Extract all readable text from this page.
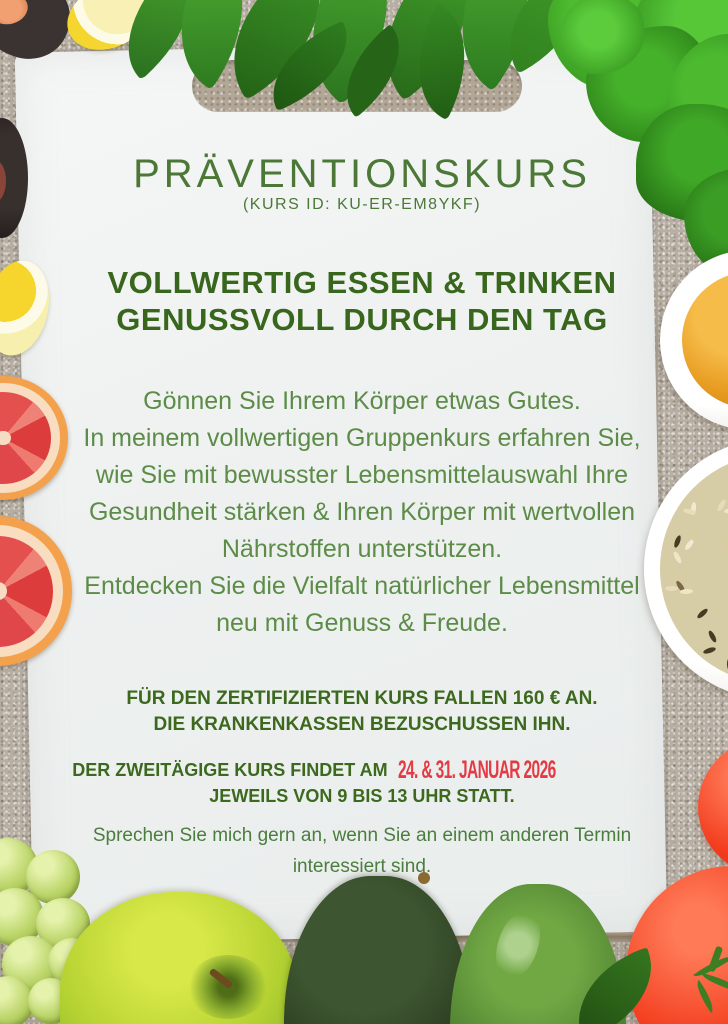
PRÄVENTIONSKURS
(KURS ID: KU-ER-EM8YKF)
VOLLWERTIG ESSEN & TRINKEN
GENUSSVOLL DURCH DEN TAG
Gönnen Sie Ihrem Körper etwas Gutes.
In meinem vollwertigen Gruppenkurs erfahren Sie,
wie Sie mit bewusster Lebensmittelauswahl Ihre
Gesundheit stärken & Ihren Körper mit wertvollen
Nährstoffen unterstützen.
Entdecken Sie die Vielfalt natürlicher Lebensmittel
neu mit Genuss & Freude.
FÜR DEN ZERTIFIZIERTEN KURS FALLEN 160 € AN.
DIE KRANKENKASSEN BEZUSCHUSSEN IHN.
DER ZWEITÄGIGE KURS FINDET AM 24. & 31. JANUAR 2026
JEWEILS VON 9 BIS 13 UHR STATT.
Sprechen Sie mich gern an, wenn Sie an einem anderen Termin
interessiert sind.
